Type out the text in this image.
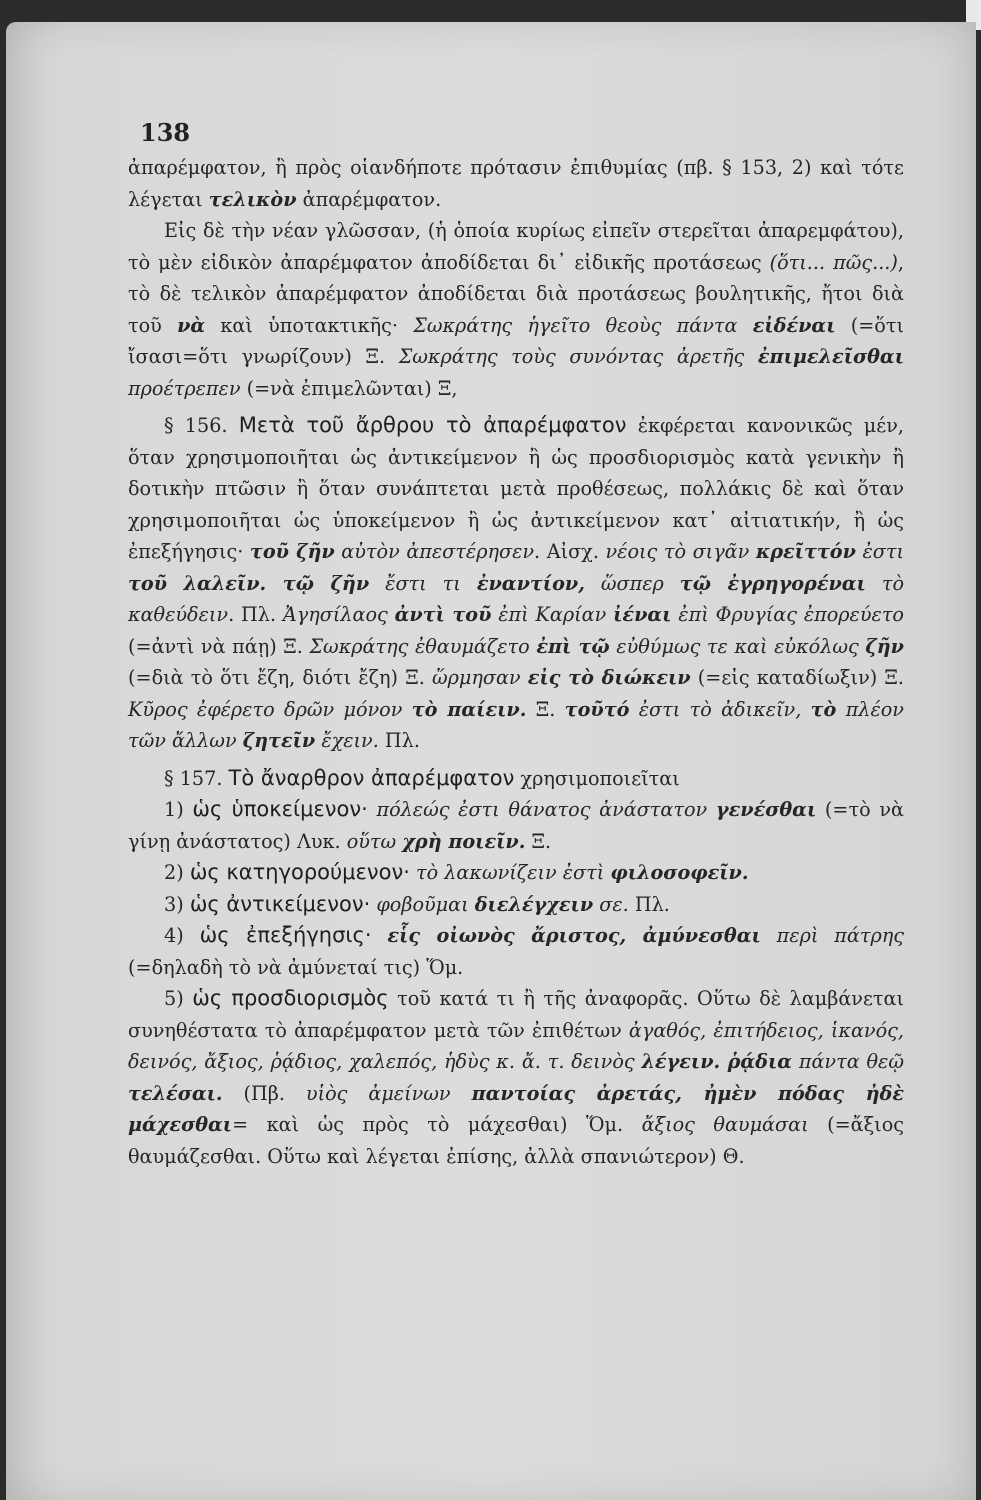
138

ἀπαρέμφατον, ἢ πρὸς οἱανδήποτε πρότασιν ἐπιθυμίας (πβ. § 153, 2) καὶ τότε λέγεται τελικὸν ἀπαρέμφατον.

Εἰς δὲ τὴν νέαν γλῶσσαν, (ἡ ὁποία κυρίως εἰπεῖν στερεῖται ἀπαρεμφάτου), τὸ μὲν εἰδικὸν ἀπαρέμφατον ἀποδίδεται δι᾽ εἰδικῆς προτάσεως (ὅτι... πῶς...), τὸ δὲ τελικὸν ἀπαρέμφατον ἀποδίδεται διὰ προτάσεως βουλητικῆς, ἤτοι διὰ τοῦ νὰ καὶ ὑποτακτικῆς· Σωκράτης ἡγεῖτο θεοὺς πάντα εἰδέναι (=ὅτι ἴσασι=ὅτι γνωρίζουν) Ξ. Σωκράτης τοὺς συνόντας ἀρετῆς ἐπιμελεῖσθαι προέτρεπεν (=νὰ ἐπιμελῶνται) Ξ,

§ 156. Μετὰ τοῦ ἄρθρου τὸ ἀπαρέμφατον ἐκφέρεται κανονικῶς μέν, ὅταν χρησιμοποιῆται ὡς ἀντικείμενον ἢ ὡς προσδιορισμὸς κατὰ γενικὴν ἢ δοτικὴν πτῶσιν ἢ ὅταν συνάπτεται μετὰ προθέσεως, πολλάκις δὲ καὶ ὅταν χρησιμοποιῆται ὡς ὑποκείμενον ἢ ὡς ἀντικείμενον κατ᾽ αἰτιατικήν, ἢ ὡς ἐπεξήγησις· τοῦ ζῆν αὐτὸν ἀπεστέρησεν. Αἰσχ. νέοις τὸ σιγᾶν κρεῖττόν ἐστι τοῦ λαλεῖν. τῷ ζῆν ἔστι τι ἐναντίον, ὥσπερ τῷ ἐγρηγορέναι τὸ καθεύδειν. Πλ. Ἀγησίλαος ἀντὶ τοῦ ἐπὶ Καρίαν ἰέναι ἐπὶ Φρυγίας ἐπορεύετο (=ἀντὶ νὰ πάῃ) Ξ. Σωκράτης ἐθαυμάζετο ἐπὶ τῷ εὐθύμως τε καὶ εὐκόλως ζῆν (=διὰ τὸ ὅτι ἔζη, διότι ἔζη) Ξ. ὥρμησαν εἰς τὸ διώκειν (=εἰς καταδίωξιν) Ξ. Κῦρος ἐφέρετο δρῶν μόνον τὸ παίειν. Ξ. τοῦτό ἐστι τὸ ἀδικεῖν, τὸ πλέον τῶν ἄλλων ζητεῖν ἔχειν. Πλ.

§ 157. Τὸ ἄναρθρον ἀπαρέμφατον χρησιμοποιεῖται

1) ὡς ὑποκείμενον· πόλεώς ἐστι θάνατος ἀνάστατον γενέσθαι (=τὸ νὰ γίνῃ ἀνάστατος) Λυκ. οὕτω χρὴ ποιεῖν. Ξ.

2) ὡς κατηγορούμενον· τὸ λακωνίζειν ἐστὶ φιλοσοφεῖν.

3) ὡς ἀντικείμενον· φοβοῦμαι διελέγχειν σε. Πλ.

4) ὡς ἐπεξήγησις· εἷς οἰωνὸς ἄριστος, ἀμύνεσθαι περὶ πάτρης (=δηλαδὴ τὸ νὰ ἀμύνεταί τις) Ὅμ.

5) ὡς προσδιορισμὸς τοῦ κατά τι ἢ τῆς ἀναφορᾶς. Οὕτω δὲ λαμβάνεται συνηθέστατα τὸ ἀπαρέμφατον μετὰ τῶν ἐπιθέτων ἀγαθός, ἐπιτήδειος, ἱκανός, δεινός, ἄξιος, ῥᾴδιος, χαλεπός, ἡδὺς κ. ἄ. τ. δεινὸς λέγειν. ῥᾴδια πάντα θεῷ τελέσαι. (Πβ. υἱὸς ἀμείνων παντοίας ἀρετάς, ἠμὲν πόδας ἠδὲ μάχεσθαι= καὶ ὡς πρὸς τὸ μάχεσθαι) Ὅμ. ἄξιος θαυμάσαι (=ἄξιος θαυμάζεσθαι. Οὕτω καὶ λέγεται ἐπίσης, ἀλλὰ σπανιώτερον) Θ.
